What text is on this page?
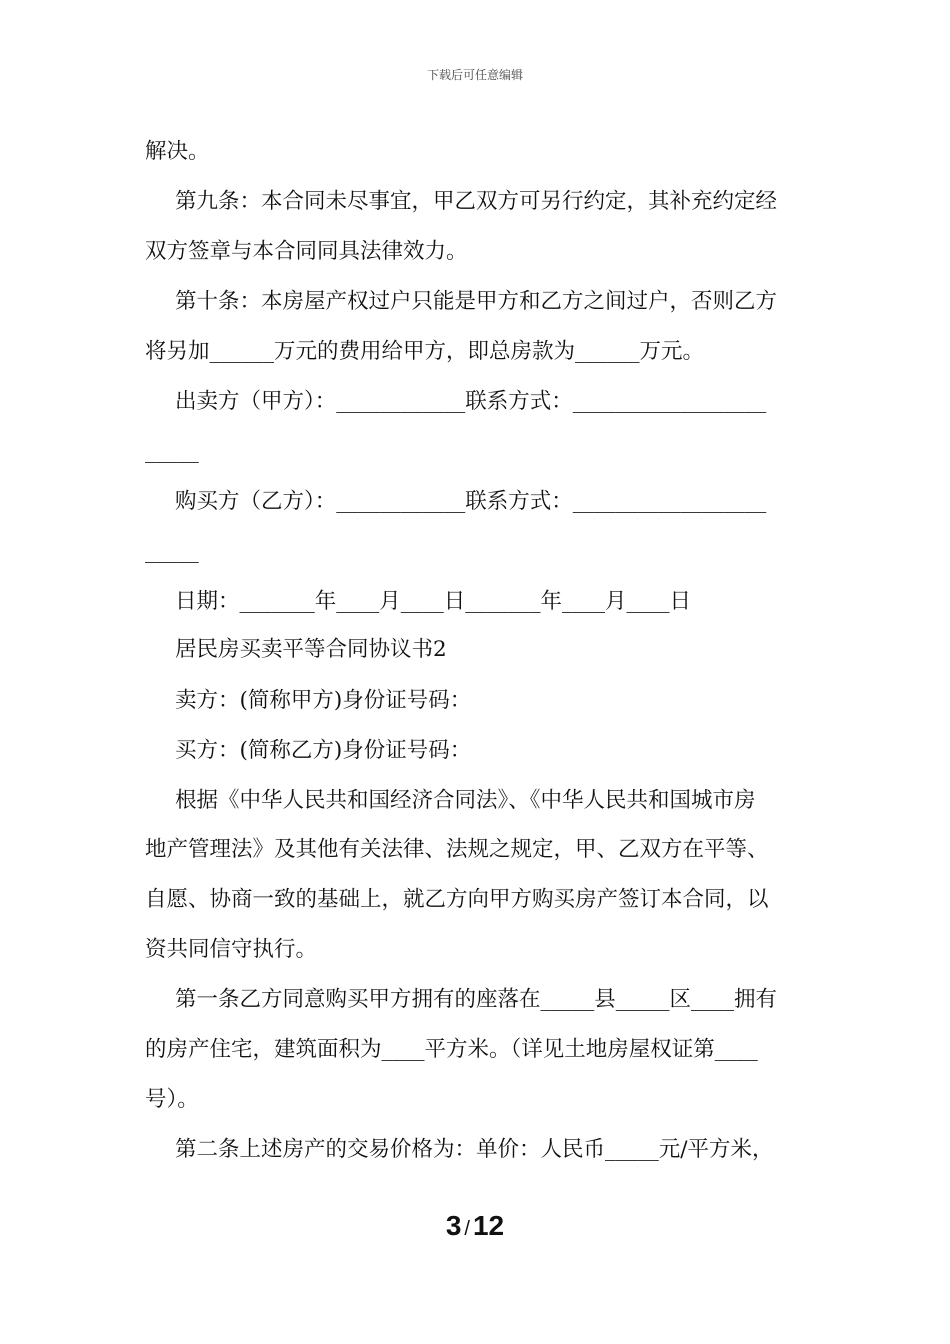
下载后可任意编辑
解决。
第九条：本合同未尽事宜，甲乙双方可另行约定，其补充约定经
双方签章与本合同同具法律效力。
第十条：本房屋产权过户只能是甲方和乙方之间过户，否则乙方
将另加______万元的费用给甲方，即总房款为______万元。
出卖方（甲方）：____________联系方式：__________________
_____
购买方（乙方）：____________联系方式：__________________
_____
日期：_______年____月____日_______年____月____日
居民房买卖平等合同协议书2
卖方：(简称甲方)身份证号码：
买方：(简称乙方)身份证号码：
根据《中华人民共和国经济合同法》、《中华人民共和国城市房
地产管理法》及其他有关法律、法规之规定，甲、乙双方在平等、
自愿、协商一致的基础上，就乙方向甲方购买房产签订本合同，以
资共同信守执行。
第一条乙方同意购买甲方拥有的座落在_____县_____区____拥有
的房产住宅，建筑面积为____平方米。（详见土地房屋权证第____
号）。
第二条上述房产的交易价格为：单价：人民币_____元/平方米，
3 / 12
